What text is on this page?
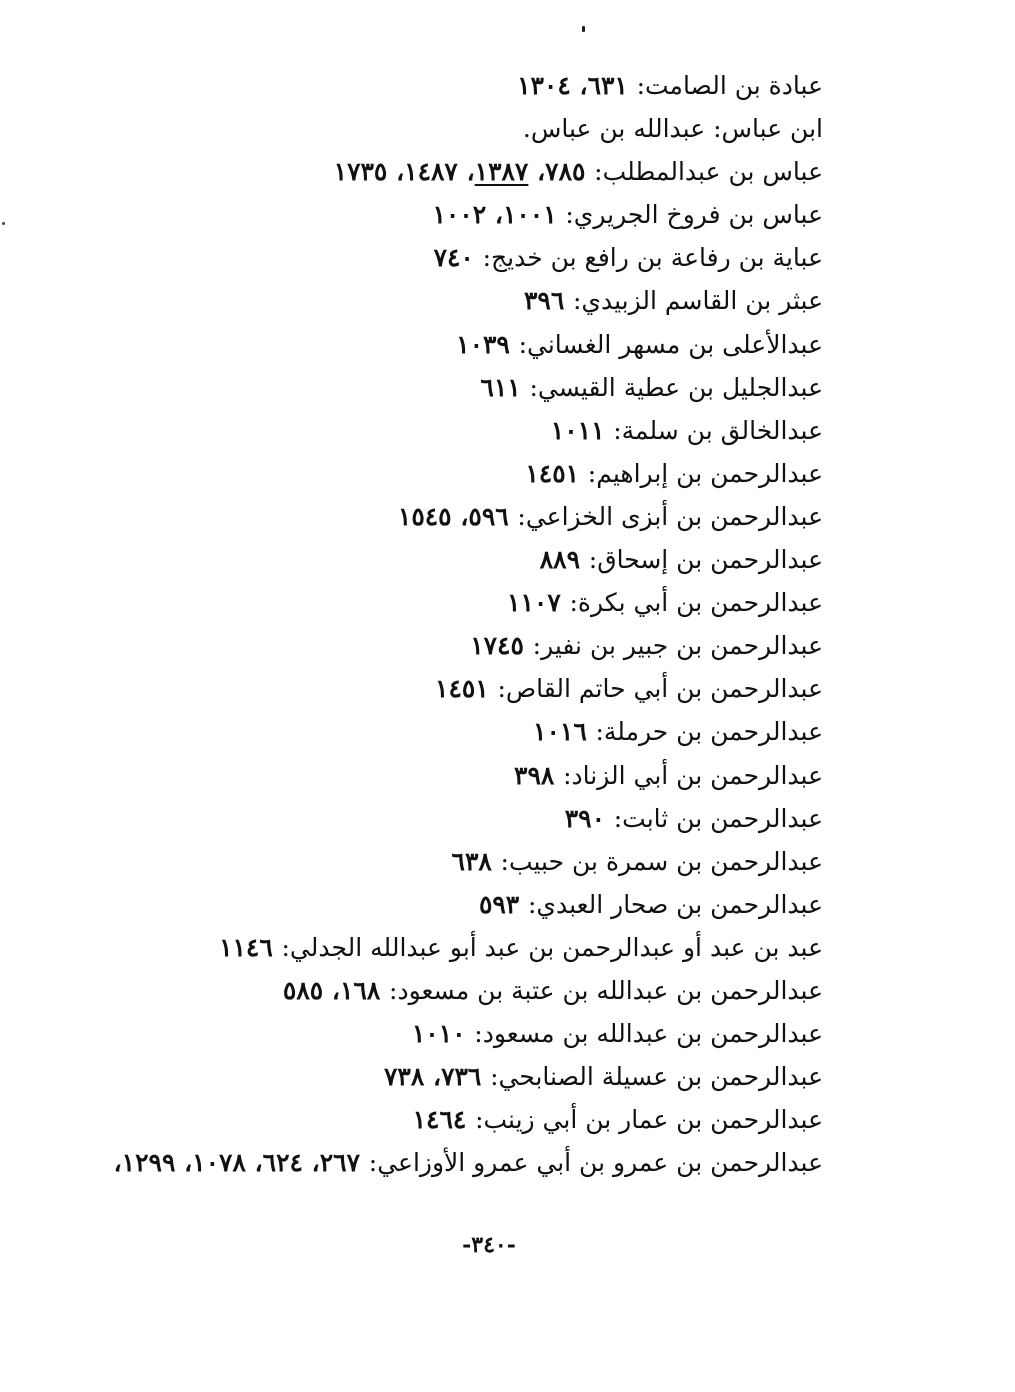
عبادة بن الصامت: ٦٣١، ١٣٠٤
ابن عباس: عبدالله بن عباس.
عباس بن عبدالمطلب: ٧٨٥، ١٣٨٧، ١٤٨٧، ١٧٣٥
عباس بن فروخ الجريري: ١٠٠١، ١٠٠٢
عباية بن رفاعة بن رافع بن خديج: ٧٤٠
عبثر بن القاسم الزبيدي: ٣٩٦
عبدالأعلى بن مسهر الغساني: ١٠٣٩
عبدالجليل بن عطية القيسي: ٦١١
عبدالخالق بن سلمة: ١٠١١
عبدالرحمن بن إبراهيم: ١٤٥١
عبدالرحمن بن أبزى الخزاعي: ٥٩٦، ١٥٤٥
عبدالرحمن بن إسحاق: ٨٨٩
عبدالرحمن بن أبي بكرة: ١١٠٧
عبدالرحمن بن جبير بن نفير: ١٧٤٥
عبدالرحمن بن أبي حاتم القاص: ١٤٥١
عبدالرحمن بن حرملة: ١٠١٦
عبدالرحمن بن أبي الزناد: ٣٩٨
عبدالرحمن بن ثابت: ٣٩٠
عبدالرحمن بن سمرة بن حبيب: ٦٣٨
عبدالرحمن بن صحار العبدي: ٥٩٣
عبد بن عبد أو عبدالرحمن بن عبد أبو عبدالله الجدلي: ١١٤٦
عبدالرحمن بن عبدالله بن عتبة بن مسعود: ١٦٨، ٥٨٥
عبدالرحمن بن عبدالله بن مسعود: ١٠١٠
عبدالرحمن بن عسيلة الصنابحي: ٧٣٦، ٧٣٨
عبدالرحمن بن عمار بن أبي زينب: ١٤٦٤
عبدالرحمن بن عمرو بن أبي عمرو الأوزاعي: ٢٦٧، ٦٢٤، ١٠٧٨، ١٢٩٩،
-٣٤٠-
